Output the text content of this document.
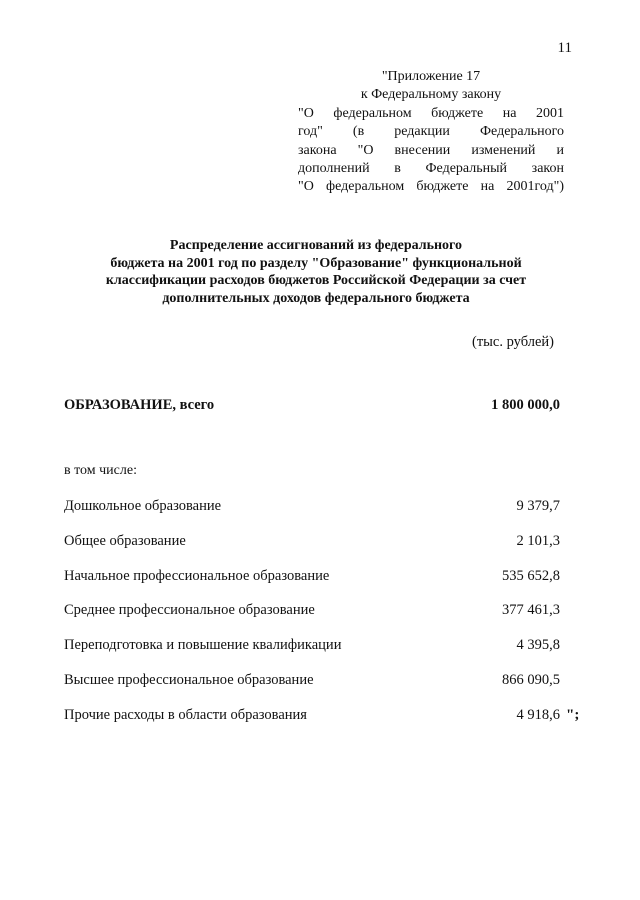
11
"Приложение 17
к Федеральному закону
"О федеральном бюджете на 2001
год" (в редакции Федерального
закона "О внесении изменений и
дополнений в Федеральный закон
"О федеральном бюджете на 2001год")
Распределение ассигнований из федерального
бюджета на 2001 год по разделу "Образование" функциональной
классификации расходов бюджетов Российской Федерации за счет
дополнительных доходов федерального бюджета
(тыс. рублей)
ОБРАЗОВАНИЕ, всего	1 800 000,0
в том числе:
Дошкольное образование	9 379,7
Общее образование	2 101,3
Начальное профессиональное образование	535 652,8
Среднее профессиональное образование	377 461,3
Переподготовка и повышение квалификации	4 395,8
Высшее профессиональное образование	866 090,5
Прочие расходы в области образования	4 918,6 ";
